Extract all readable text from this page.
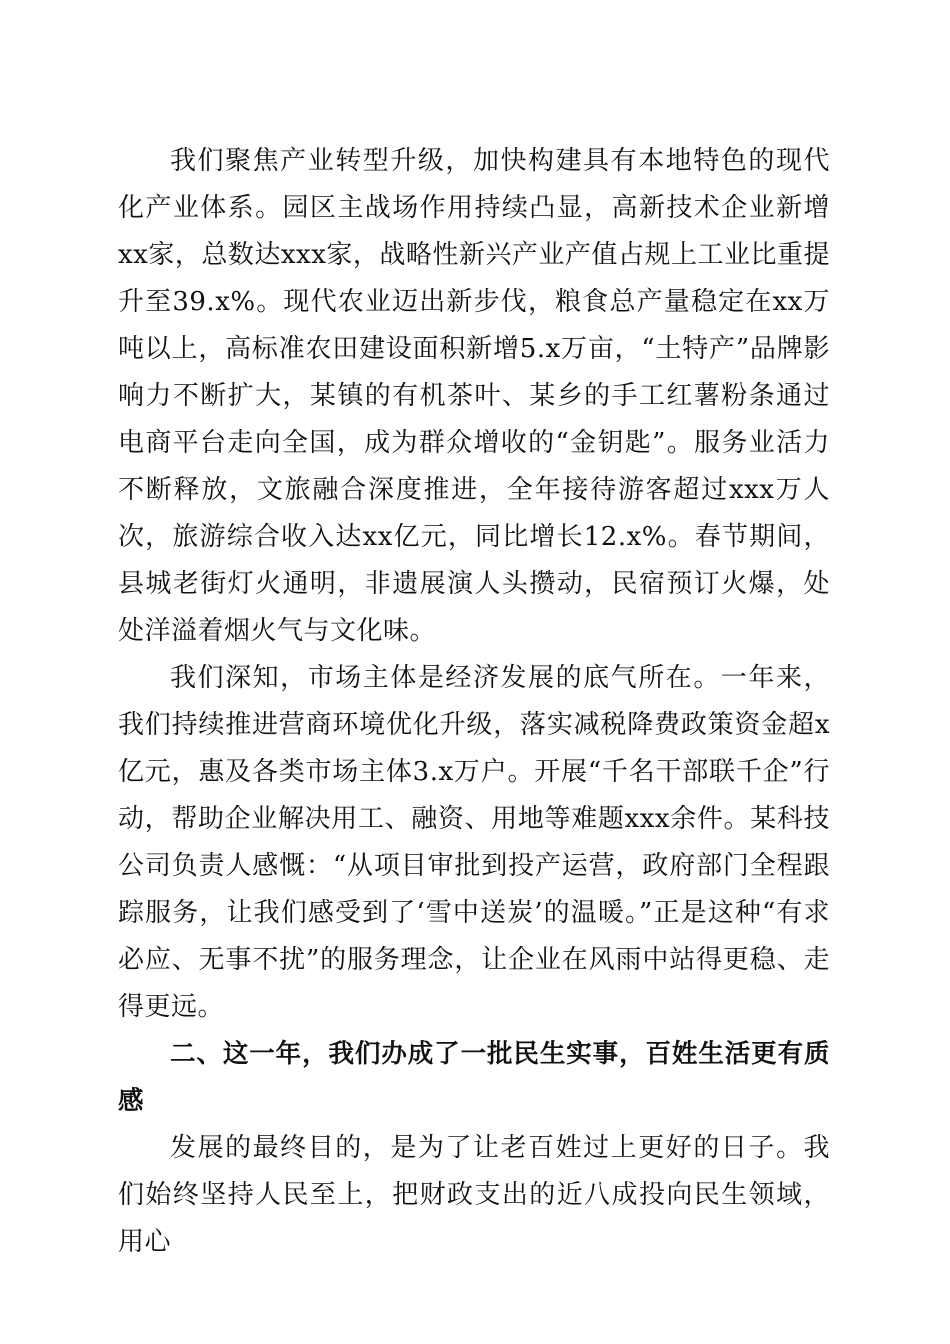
我们聚焦产业转型升级，加快构建具有本地特色的现代化产业体系。园区主战场作用持续凸显，高新技术企业新增xx家，总数达xxx家，战略性新兴产业产值占规上工业比重提升至39.x%。现代农业迈出新步伐，粮食总产量稳定在xx万吨以上，高标准农田建设面积新增5.x万亩，“土特产”品牌影响力不断扩大，某镇的有机茶叶、某乡的手工红薯粉条通过电商平台走向全国，成为群众增收的“金钥匙”。服务业活力不断释放，文旅融合深度推进，全年接待游客超过xxx万人次，旅游综合收入达xx亿元，同比增长12.x%。春节期间，县城老街灯火通明，非遗展演人头攒动，民宿预订火爆，处处洋溢着烟火气与文化味。

我们深知，市场主体是经济发展的底气所在。一年来，我们持续推进营商环境优化升级，落实减税降费政策资金超x亿元，惠及各类市场主体3.x万户。开展“千名干部联千企”行动，帮助企业解决用工、融资、用地等难题xxx余件。某科技公司负责人感慨：“从项目审批到投产运营，政府部门全程跟踪服务，让我们感受到了‘雪中送炭’的温暖。”正是这种“有求必应、无事不扰”的服务理念，让企业在风雨中站得更稳、走得更远。

二、这一年，我们办成了一批民生实事，百姓生活更有质感

发展的最终目的，是为了让老百姓过上更好的日子。我们始终坚持人民至上，把财政支出的近八成投向民生领域，用心
